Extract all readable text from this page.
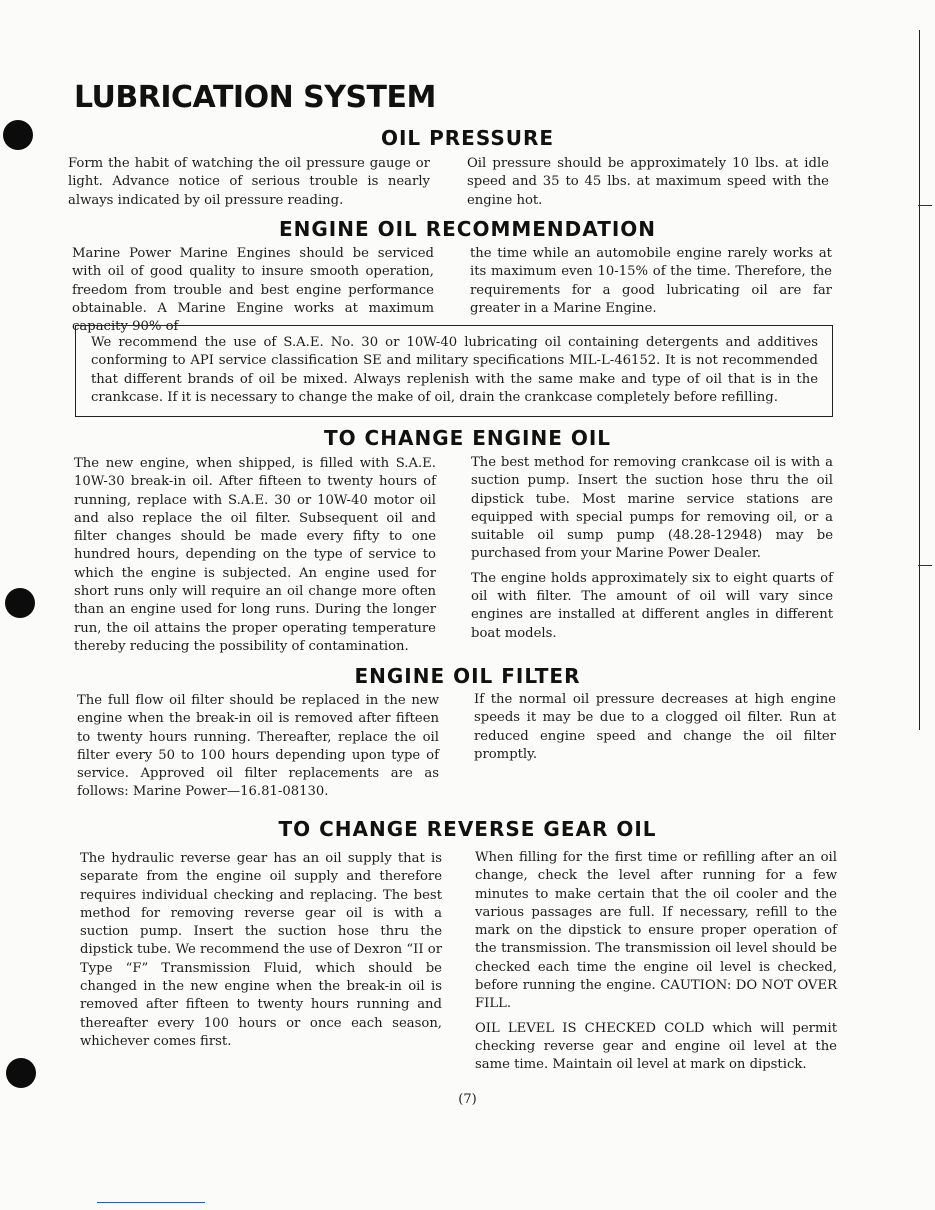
LUBRICATION SYSTEM
OIL PRESSURE

Form the habit of watching the oil pressure gauge or light. Advance notice of serious trouble is nearly always indicated by oil pressure reading.

Oil pressure should be approximately 10 lbs. at idle speed and 35 to 45 lbs. at maximum speed with the engine hot.

ENGINE OIL RECOMMENDATION

Marine Power Marine Engines should be serviced with oil of good quality to insure smooth operation, freedom from trouble and best engine performance obtainable. A Marine Engine works at maximum capacity 90% of

the time while an automobile engine rarely works at its maximum even 10-15% of the time. Therefore, the requirements for a good lubricating oil are far greater in a Marine Engine.

We recommend the use of S.A.E. No. 30 or 10W-40 lubricating oil containing detergents and additives conforming to API service classification SE and military specifications MIL-L-46152. It is not recommended that different brands of oil be mixed. Always replenish with the same make and type of oil that is in the crankcase. If it is necessary to change the make of oil, drain the crankcase completely before refilling.
TO CHANGE ENGINE OIL

The new engine, when shipped, is filled with S.A.E. 10W-30 break-in oil. After fifteen to twenty hours of running, replace with S.A.E. 30 or 10W-40 motor oil and also replace the oil filter. Subsequent oil and filter changes should be made every fifty to one hundred hours, depending on the type of service to which the engine is subjected. An engine used for short runs only will require an oil change more often than an engine used for long runs. During the longer run, the oil attains the proper operating temperature thereby reducing the possibility of contamination.

The best method for removing crankcase oil is with a suction pump. Insert the suction hose thru the oil dipstick tube. Most marine service stations are equipped with special pumps for removing oil, or a suitable oil sump pump (48.28-12948) may be purchased from your Marine Power Dealer.

The engine holds approximately six to eight quarts of oil with filter. The amount of oil will vary since engines are installed at different angles in different boat models.

ENGINE OIL FILTER

The full flow oil filter should be replaced in the new engine when the break-in oil is removed after fifteen to twenty hours running. Thereafter, replace the oil filter every 50 to 100 hours depending upon type of service. Approved oil filter replacements are as follows: Marine Power—16.81-08130.

If the normal oil pressure decreases at high engine speeds it may be due to a clogged oil filter. Run at reduced engine speed and change the oil filter promptly.

TO CHANGE REVERSE GEAR OIL

The hydraulic reverse gear has an oil supply that is separate from the engine oil supply and therefore requires individual checking and replacing. The best method for removing reverse gear oil is with a suction pump. Insert the suction hose thru the dipstick tube. We recommend the use of Dexron “II or Type “F” Transmission Fluid, which should be changed in the new engine when the break-in oil is removed after fifteen to twenty hours running and thereafter every 100 hours or once each season, whichever comes first.

When filling for the first time or refilling after an oil change, check the level after running for a few minutes to make certain that the oil cooler and the various passages are full. If necessary, refill to the mark on the dipstick to ensure proper operation of the transmission. The transmission oil level should be checked each time the engine oil level is checked, before running the engine. CAUTION: DO NOT OVER FILL.

OIL LEVEL IS CHECKED COLD which will permit checking reverse gear and engine oil level at the same time. Maintain oil level at mark on dipstick.

(7)
